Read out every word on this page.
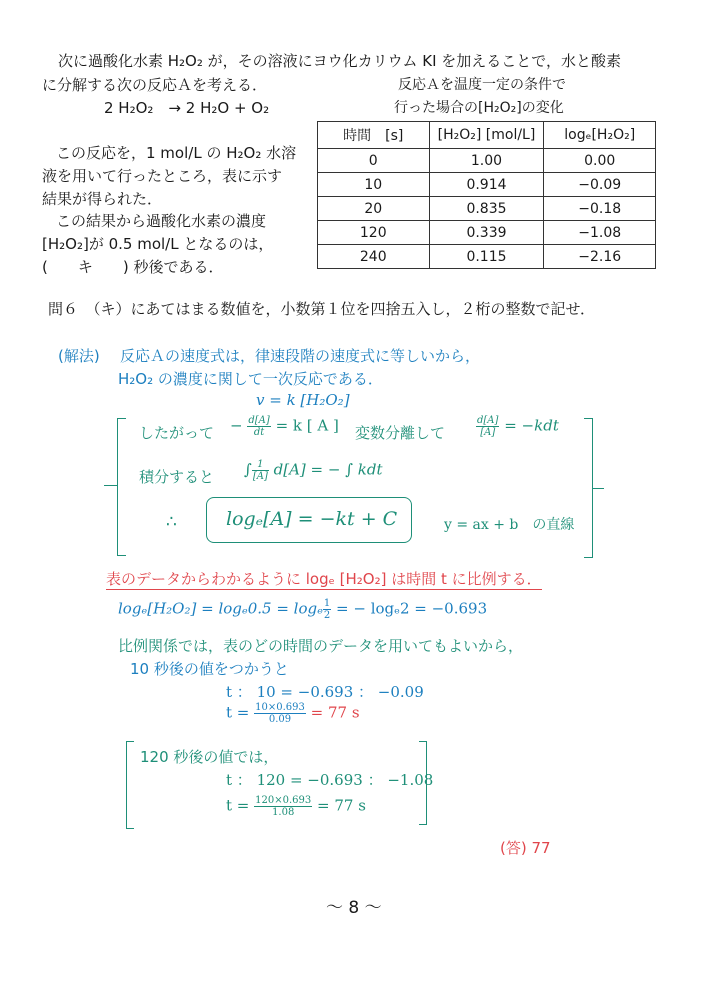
次に過酸化水素 H₂O₂ が，その溶液にヨウ化カリウム KI を加えることで，水と酸素
に分解する次の反応Ａを考える．
2 H₂O₂　→ 2 H₂O + O₂
反応Ａを温度一定の条件で
行った場合の[H₂O₂]の変化
この反応を，1 mol/L の H₂O₂ 水溶
液を用いて行ったところ，表に示す
結果が得られた．
この結果から過酸化水素の濃度
[H₂O₂]が 0.5 mol/L となるのは，
(　　キ　　) 秒後である．
時間　[s]	[H₂O₂] [mol/L]	logₑ[H₂O₂]
0	1.00	0.00
10	0.914	−0.09
20	0.835	−0.18
120	0.339	−1.08
240	0.115	−2.16
問６　（キ）にあてはまる数値を，小数第１位を四捨五入し，２桁の整数で記せ．
(解法) 反応Ａの速度式は，律速段階の速度式に等しいから，
H₂O₂ の濃度に関して一次反応である．
v = k [H₂O₂]
したがって − $\frac{d[A]}{dt} = k$ [ A ] 変数分離して	$\frac{d[A]}{[A]} = -kdt$
積分すると ∫ $\frac{1}{[A]} d[A]$ = − ∫ kdt
∴	logₑ[A] = −kt + C	y = ax + b　の直線
表のデータからわかるように logₑ [H₂O₂] は時間 t に比例する．
logₑ[H₂O₂] = logₑ0.5 = logₑ $\frac{1}{2}$ = − logₑ2 = −0.693
比例関係では，表のどの時間のデータを用いてもよいから，
10 秒後の値をつかうと
t ： 10 = −0.693 ： −0.09
$t = \frac{10\times 0.693}{0.09} = 77$ s
120 秒後の値では，
t ： 120 = −0.693 ： −1.08
$t = \frac{120\times 0.693}{1.08} = 77$ s
(答) 77
～ 8 ～
